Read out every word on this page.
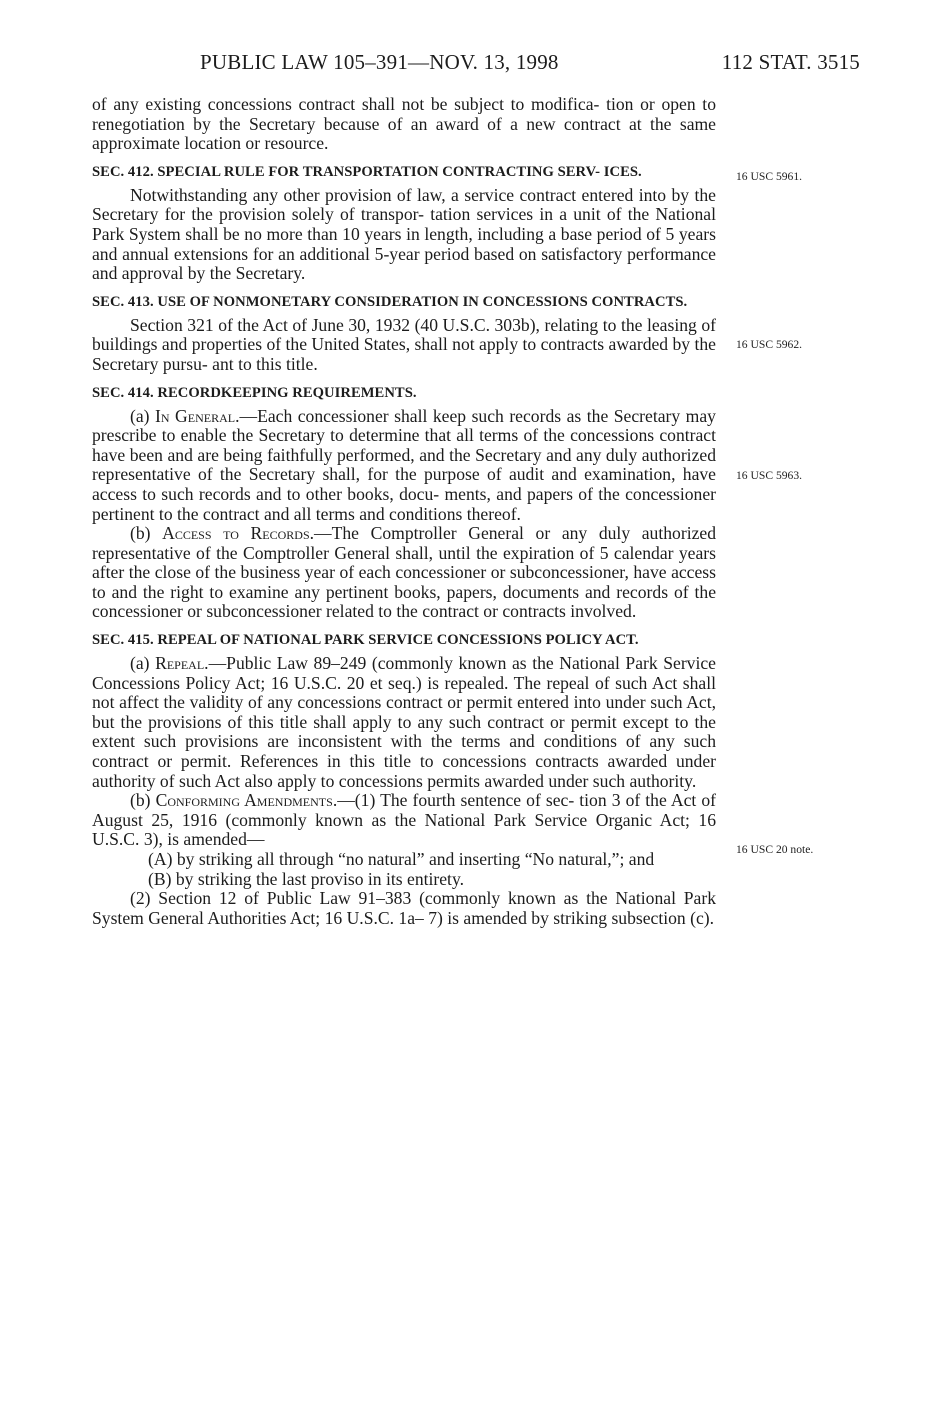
PUBLIC LAW 105–391—NOV. 13, 1998	112 STAT. 3515
16 USC 5961.
16 USC 5962.
16 USC 5963.
16 USC 20 note.

of any existing concessions contract shall not be subject to modifica- tion or open to renegotiation by the Secretary because of an award of a new contract at the same approximate location or resource.

SEC. 412. SPECIAL RULE FOR TRANSPORTATION CONTRACTING SERV- ICES.

Notwithstanding any other provision of law, a service contract entered into by the Secretary for the provision solely of transpor- tation services in a unit of the National Park System shall be no more than 10 years in length, including a base period of 5 years and annual extensions for an additional 5-year period based on satisfactory performance and approval by the Secretary.

SEC. 413. USE OF NONMONETARY CONSIDERATION IN CONCESSIONS CONTRACTS.

Section 321 of the Act of June 30, 1932 (40 U.S.C. 303b), relating to the leasing of buildings and properties of the United States, shall not apply to contracts awarded by the Secretary pursu- ant to this title.

SEC. 414. RECORDKEEPING REQUIREMENTS.

(a) In General.—Each concessioner shall keep such records as the Secretary may prescribe to enable the Secretary to determine that all terms of the concessions contract have been and are being faithfully performed, and the Secretary and any duly authorized representative of the Secretary shall, for the purpose of audit and examination, have access to such records and to other books, docu- ments, and papers of the concessioner pertinent to the contract and all terms and conditions thereof.

(b) Access to Records.—The Comptroller General or any duly authorized representative of the Comptroller General shall, until the expiration of 5 calendar years after the close of the business year of each concessioner or subconcessioner, have access to and the right to examine any pertinent books, papers, documents and records of the concessioner or subconcessioner related to the contract or contracts involved.

SEC. 415. REPEAL OF NATIONAL PARK SERVICE CONCESSIONS POLICY ACT.

(a) Repeal.—Public Law 89–249 (commonly known as the National Park Service Concessions Policy Act; 16 U.S.C. 20 et seq.) is repealed. The repeal of such Act shall not affect the validity of any concessions contract or permit entered into under such Act, but the provisions of this title shall apply to any such contract or permit except to the extent such provisions are inconsistent with the terms and conditions of any such contract or permit. References in this title to concessions contracts awarded under authority of such Act also apply to concessions permits awarded under such authority.

(b) Conforming Amendments.—(1) The fourth sentence of sec- tion 3 of the Act of August 25, 1916 (commonly known as the National Park Service Organic Act; 16 U.S.C. 3), is amended—

(A) by striking all through “no natural” and inserting “No natural,”; and

(B) by striking the last proviso in its entirety.

(2) Section 12 of Public Law 91–383 (commonly known as the National Park System General Authorities Act; 16 U.S.C. 1a– 7) is amended by striking subsection (c).
